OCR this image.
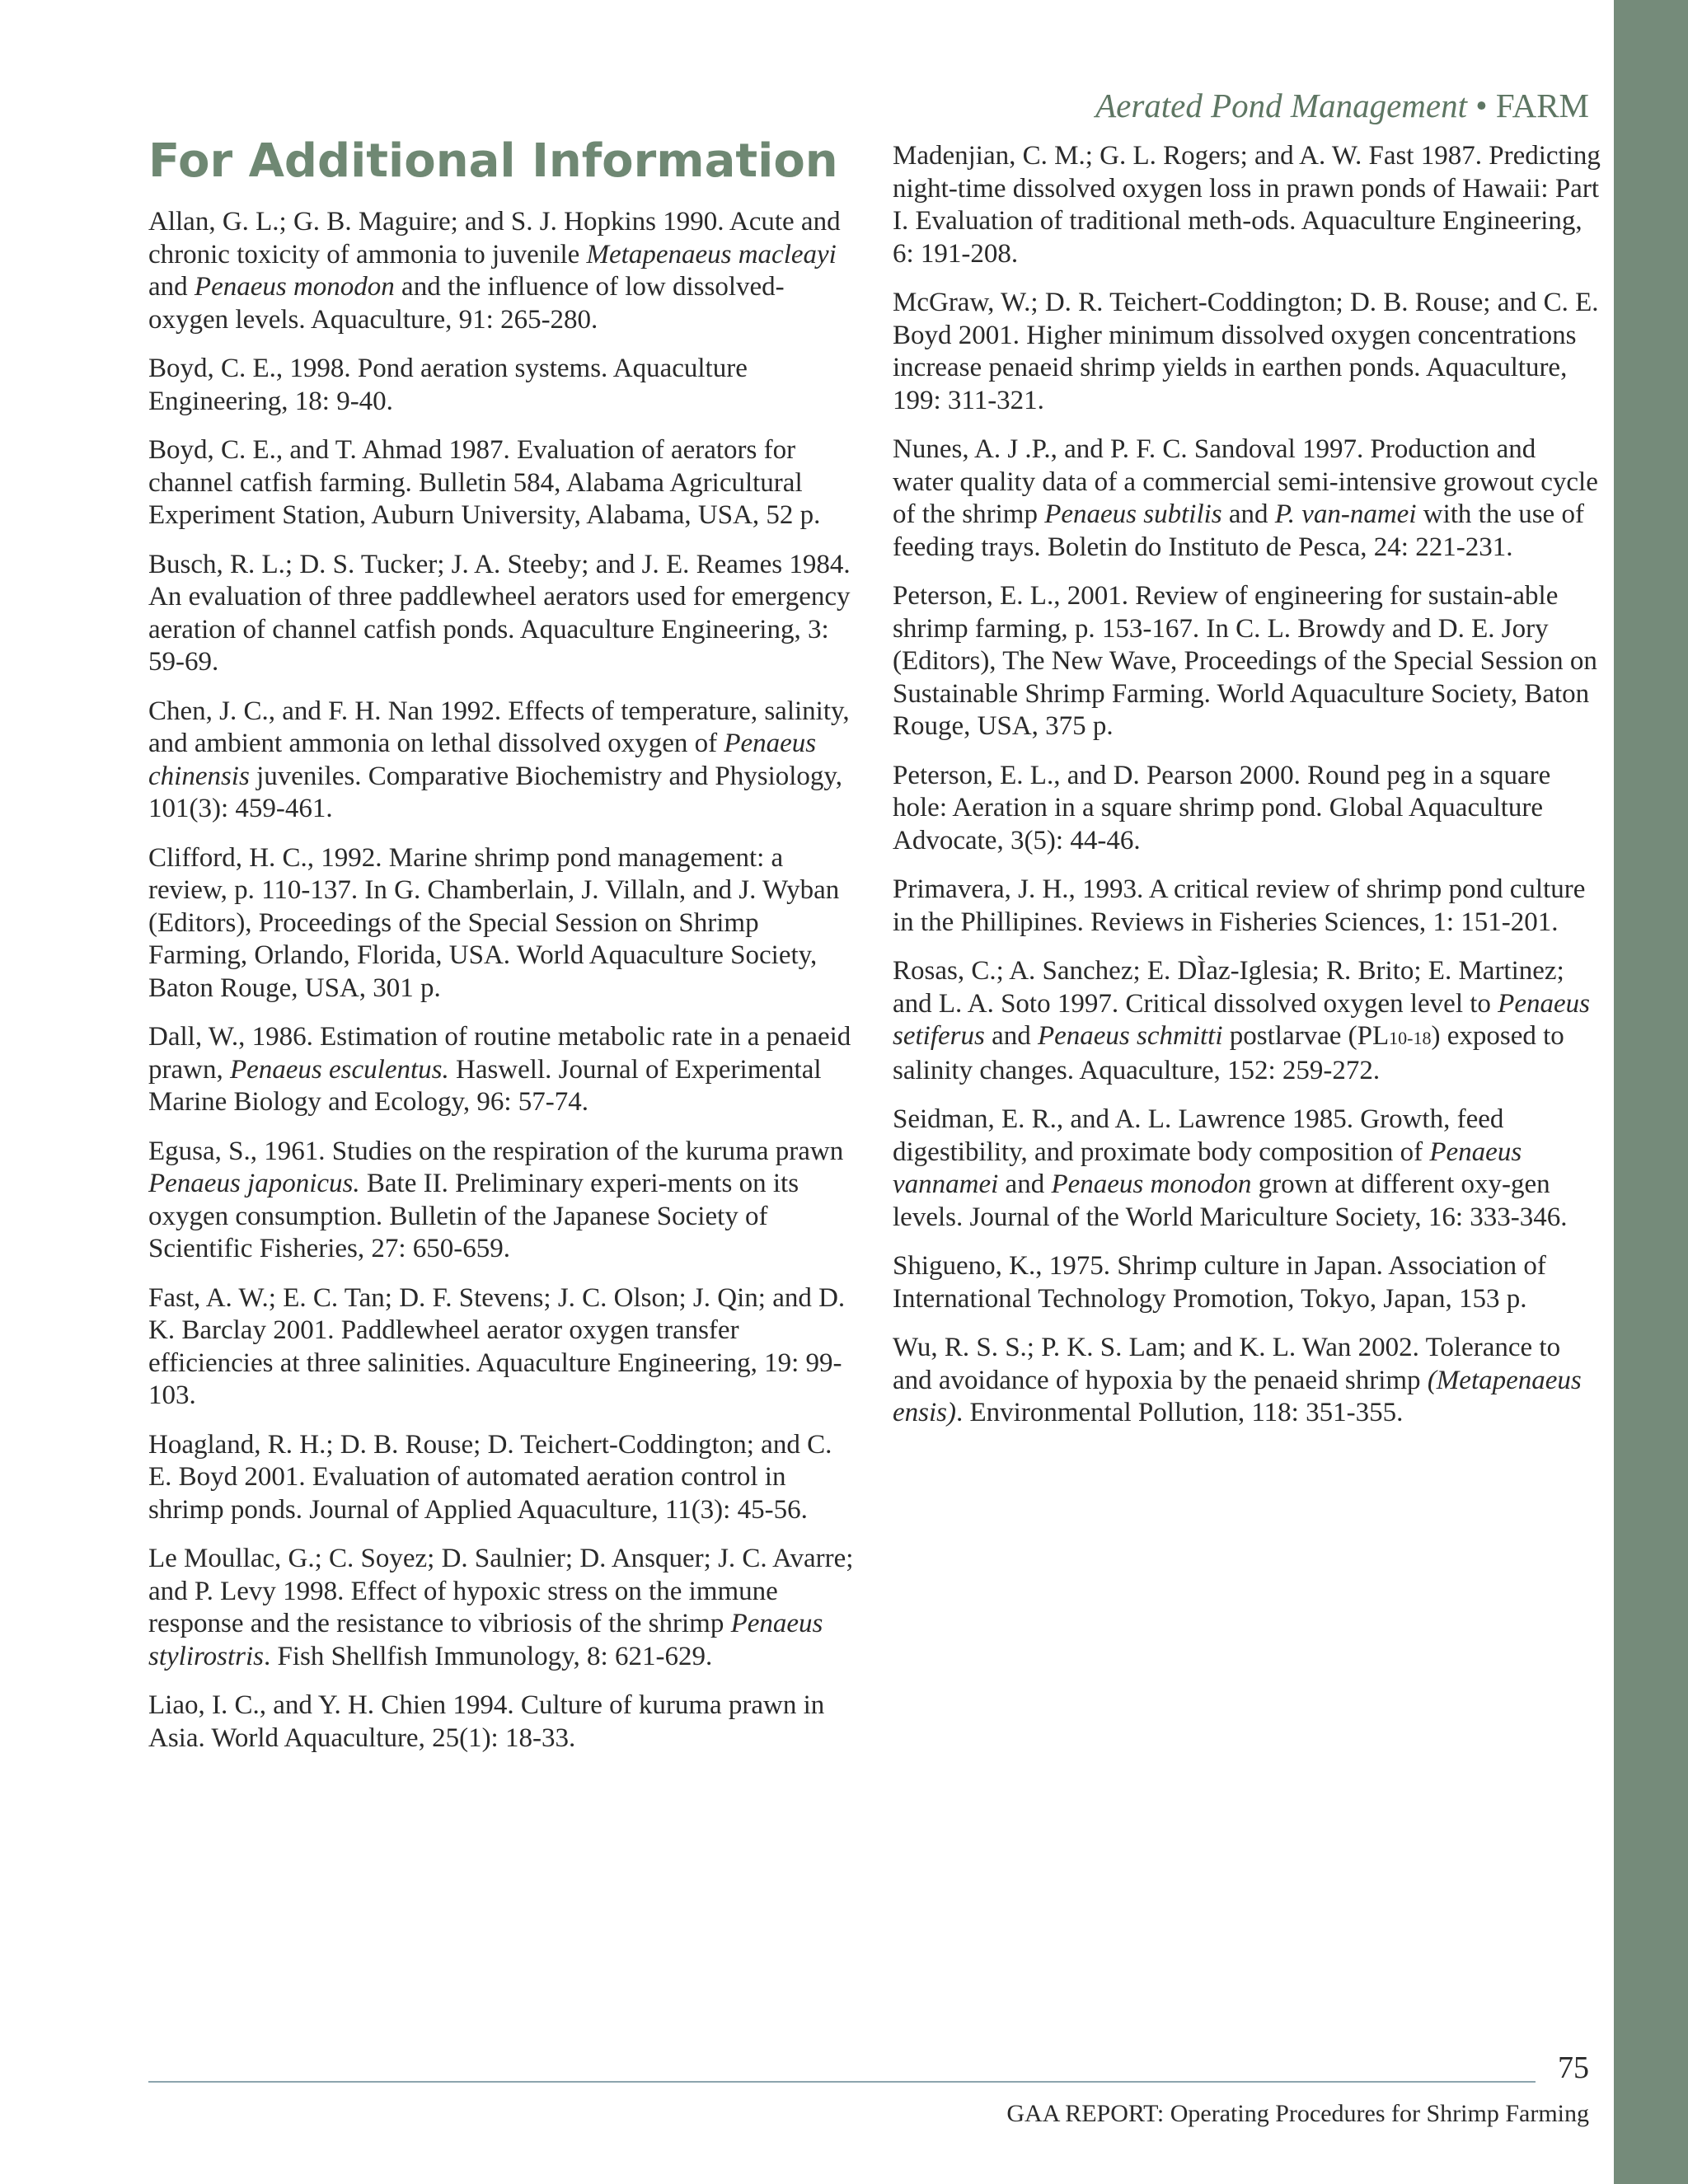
Aerated Pond Management • FARM
For Additional Information

Allan, G. L.; G. B. Maguire; and S. J. Hopkins 1990. Acute and chronic toxicity of ammonia to juvenile Metapenaeus macleayi and Penaeus monodon and the influence of low dissolved-oxygen levels. Aquaculture, 91: 265-280.

Boyd, C. E., 1998. Pond aeration systems. Aquaculture Engineering, 18: 9-40.

Boyd, C. E., and T. Ahmad 1987. Evaluation of aerators for channel catfish farming. Bulletin 584, Alabama Agricultural Experiment Station, Auburn University, Alabama, USA, 52 p.

Busch, R. L.; D. S. Tucker; J. A. Steeby; and J. E. Reames 1984. An evaluation of three paddlewheel aerators used for emergency aeration of channel catfish ponds. Aquaculture Engineering, 3: 59-69.

Chen, J. C., and F. H. Nan 1992. Effects of temperature, salinity, and ambient ammonia on lethal dissolved oxygen of Penaeus chinensis juveniles. Comparative Biochemistry and Physiology, 101(3): 459-461.

Clifford, H. C., 1992. Marine shrimp pond management: a review, p. 110-137. In G. Chamberlain, J. Villaln, and J. Wyban (Editors), Proceedings of the Special Session on Shrimp Farming, Orlando, Florida, USA. World Aquaculture Society, Baton Rouge, USA, 301 p.

Dall, W., 1986. Estimation of routine metabolic rate in a penaeid prawn, Penaeus esculentus. Haswell. Journal of Experimental Marine Biology and Ecology, 96: 57-74.

Egusa, S., 1961. Studies on the respiration of the kuruma prawn Penaeus japonicus. Bate II. Preliminary experi-ments on its oxygen consumption. Bulletin of the Japanese Society of Scientific Fisheries, 27: 650-659.

Fast, A. W.; E. C. Tan; D. F. Stevens; J. C. Olson; J. Qin; and D. K. Barclay 2001. Paddlewheel aerator oxygen transfer efficiencies at three salinities. Aquaculture Engineering, 19: 99-103.

Hoagland, R. H.; D. B. Rouse; D. Teichert-Coddington; and C. E. Boyd 2001. Evaluation of automated aeration control in shrimp ponds. Journal of Applied Aquaculture, 11(3): 45-56.

Le Moullac, G.; C. Soyez; D. Saulnier; D. Ansquer; J. C. Avarre; and P. Levy 1998. Effect of hypoxic stress on the immune response and the resistance to vibriosis of the shrimp Penaeus stylirostris. Fish Shellfish Immunology, 8: 621-629.

Liao, I. C., and Y. H. Chien 1994. Culture of kuruma prawn in Asia. World Aquaculture, 25(1): 18-33.

Madenjian, C. M.; G. L. Rogers; and A. W. Fast 1987. Predicting night-time dissolved oxygen loss in prawn ponds of Hawaii: Part I. Evaluation of traditional meth-ods. Aquaculture Engineering, 6: 191-208.

McGraw, W.; D. R. Teichert-Coddington; D. B. Rouse; and C. E. Boyd 2001. Higher minimum dissolved oxygen concentrations increase penaeid shrimp yields in earthen ponds. Aquaculture, 199: 311-321.

Nunes, A. J .P., and P. F. C. Sandoval 1997. Production and water quality data of a commercial semi-intensive growout cycle of the shrimp Penaeus subtilis and P. van-namei with the use of feeding trays. Boletin do Instituto de Pesca, 24: 221-231.

Peterson, E. L., 2001. Review of engineering for sustain-able shrimp farming, p. 153-167. In C. L. Browdy and D. E. Jory (Editors), The New Wave, Proceedings of the Special Session on Sustainable Shrimp Farming. World Aquaculture Society, Baton Rouge, USA, 375 p.

Peterson, E. L., and D. Pearson 2000. Round peg in a square hole: Aeration in a square shrimp pond. Global Aquaculture Advocate, 3(5): 44-46.

Primavera, J. H., 1993. A critical review of shrimp pond culture in the Phillipines. Reviews in Fisheries Sciences, 1: 151-201.

Rosas, C.; A. Sanchez; E. DÌaz-Iglesia; R. Brito; E. Martinez; and L. A. Soto 1997. Critical dissolved oxygen level to Penaeus setiferus and Penaeus schmitti postlarvae (PL10-18) exposed to salinity changes. Aquaculture, 152: 259-272.

Seidman, E. R., and A. L. Lawrence 1985. Growth, feed digestibility, and proximate body composition of Penaeus vannamei and Penaeus monodon grown at different oxy-gen levels. Journal of the World Mariculture Society, 16: 333-346.

Shigueno, K., 1975. Shrimp culture in Japan. Association of International Technology Promotion, Tokyo, Japan, 153 p.

Wu, R. S. S.; P. K. S. Lam; and K. L. Wan 2002. Tolerance to and avoidance of hypoxia by the penaeid shrimp (Metapenaeus ensis). Environmental Pollution, 118: 351-355.

75
GAA REPORT: Operating Procedures for Shrimp Farming
